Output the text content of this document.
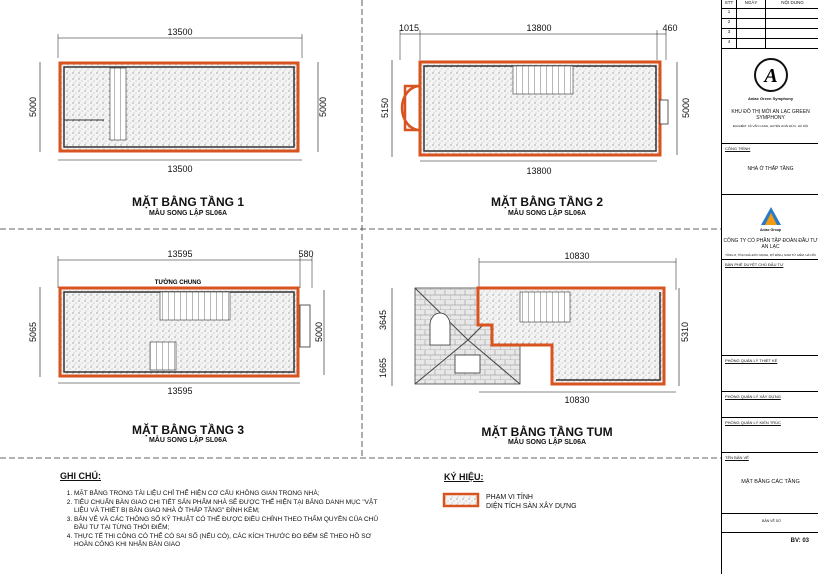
13500
13500
5000	5000
1015	13800	460
13800
5150	5000
13595	580
13595
5065	5000
TƯỜNG CHUNG
10830
10830
3645
1665
5310
MẶT BẰNG TẦNG 1
MẪU SONG LẬP SL06A
MẶT BẰNG TẦNG 2
MẪU SONG LẬP SL06A
MẶT BẰNG TẦNG 3
MẪU SONG LẬP SL06A
MẶT BẰNG TẦNG TUM
MẪU SONG LẬP SL06A
GHI CHÚ:
1. MẶT BẰNG TRONG TÀI LIỆU CHỈ THỂ HIỆN CƠ CẤU KHÔNG GIAN TRONG NHÀ;
2. TIÊU CHUẨN BÀN GIAO CHI TIẾT SẢN PHẨM NHÀ SẼ ĐƯỢC THỂ HIỆN TẠI BẢNG DANH MỤC "VẬT LIỆU VÀ THIẾT BỊ BÀN GIAO NHÀ Ở THẤP TẦNG" ĐÍNH KÈM;
3. BẢN VẼ VÀ CÁC THÔNG SỐ KỸ THUẬT CÓ THỂ ĐƯỢC ĐIỀU CHỈNH THEO THẨM QUYỀN CỦA CHỦ ĐẦU TƯ TẠI TỪNG THỜI ĐIỂM;
4. THỰC TẾ THI CÔNG CÓ THỂ CÓ SAI SỐ (NẾU CÓ), CÁC KÍCH THƯỚC ĐO ĐẾM SẼ THEO HỒ SƠ HOÀN CÔNG KHI NHẬN BÀN GIAO
KÝ HIỆU:
PHẠM VI TỈNH
DIỆN TÍCH SÀN XÂY DỰNG
STT	NGÀY	NỘI DUNG
1
2
3
4
A
Anlac Green Symphony
KHU ĐÔ THỊ MỚI AN LẠC GREEN SYMPHONY
ĐỊA ĐIỂM: XÃ VÂN CANH, HUYỆN HOÀI ĐỨC, HÀ NỘI
CÔNG TRÌNH
NHÀ Ở THẤP TẦNG
Anlac Group
CÔNG TY CỔ PHẦN TẬP ĐOÀN ĐẦU TƯ AN LẠC
TẦNG 8, TÒA NHÀ ĐỨC MẠNH, MỸ ĐÌNH, NAM TỪ LIÊM, HÀ NỘI
BẢN PHÊ DUYỆT CHỦ ĐẦU TƯ
PHÒNG QUẢN LÝ THIẾT KẾ
PHÒNG QUẢN LÝ XÂY DỰNG
PHÒNG QUẢN LÝ KIẾN TRÚC
TÊN BẢN VẼ
MẶT BẰNG CÁC TẦNG
BẢN VẼ SỐ
BV: 03
